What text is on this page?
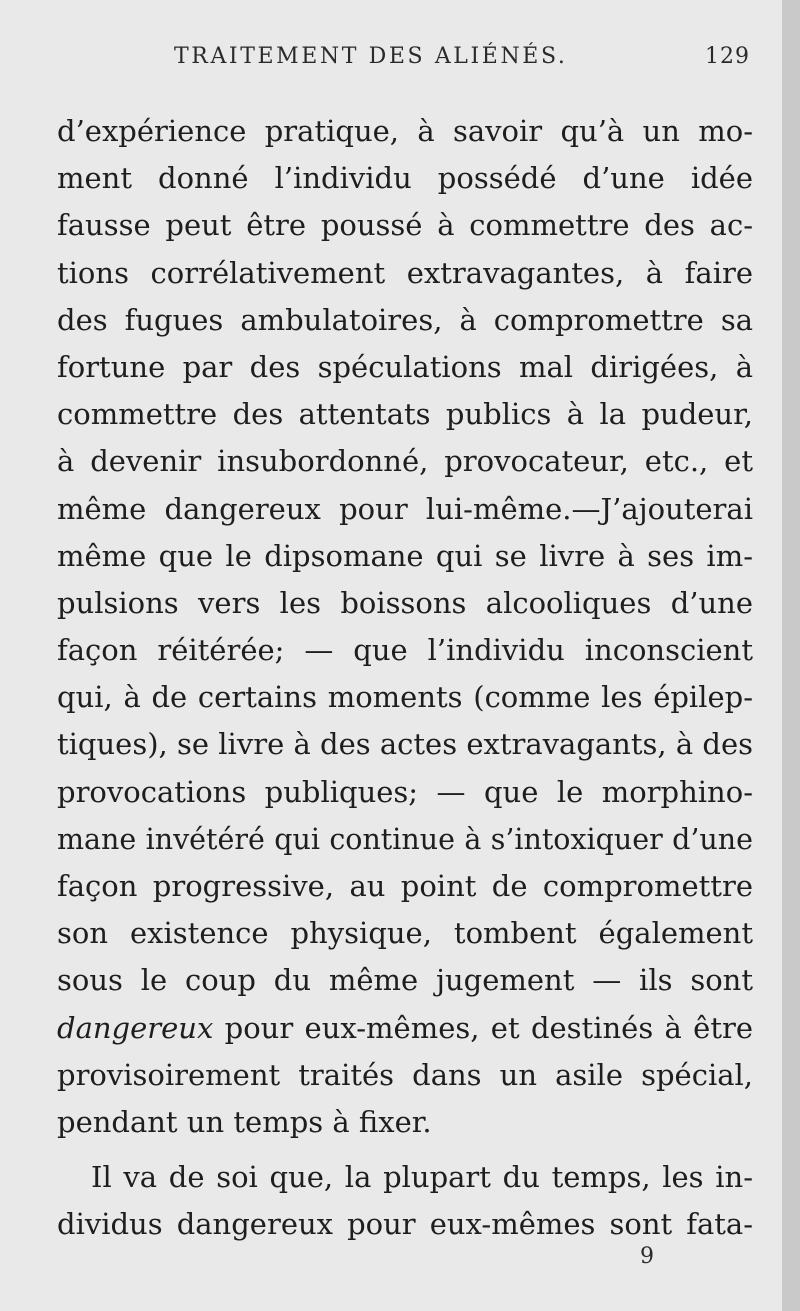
TRAITEMENT DES ALIÉNÉS.	129
d’expérience pratique, à savoir qu’à un mo-
ment donné l’individu possédé d’une idée
fausse peut être poussé à commettre des ac-
tions corrélativement extravagantes, à faire
des fugues ambulatoires, à compromettre sa
fortune par des spéculations mal dirigées, à
commettre des attentats publics à la pudeur,
à devenir insubordonné, provocateur, etc., et
même dangereux pour lui-même.—J’ajouterai
même que le dipsomane qui se livre à ses im-
pulsions vers les boissons alcooliques d’une
façon réitérée; — que l’individu inconscient
qui, à de certains moments (comme les épilep-
tiques), se livre à des actes extravagants, à des
provocations publiques; — que le morphino-
mane invétéré qui continue à s’intoxiquer d’une
façon progressive, au point de compromettre
son existence physique, tombent également
sous le coup du même jugement — ils sont
dangereux pour eux-mêmes, et destinés à être
provisoirement traités dans un asile spécial,
pendant un temps à fixer.
Il va de soi que, la plupart du temps, les in-
dividus dangereux pour eux-mêmes sont fata-
9
